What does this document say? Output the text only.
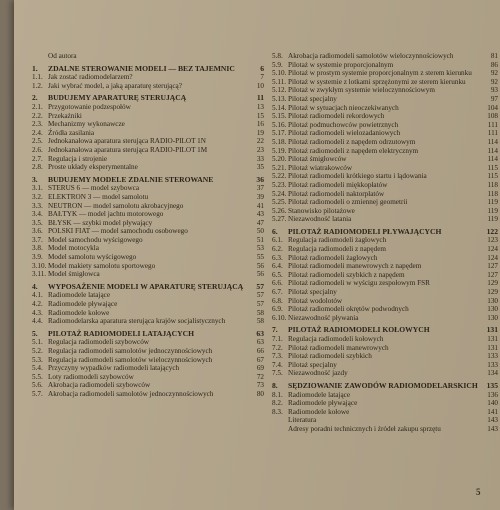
Od autora
1.	ZDALNE STEROWANIE MODELI — BEZ TAJEMNIC	6
1.1. Jak zostać radiomodelarzem?	7
1.2. Jaki wybrać model, a jaką aparaturę sterującą?	10
2.	BUDUJEMY APARATURĘ STERUJĄCĄ	11
2.1. Przygotowanie podzespołów	13
2.2. Przekaźniki	15
2.3. Mechanizmy wykonawcze	16
2.4. Źródła zasilania	19
2.5. Jednokanałowa aparatura sterująca RADIO-PILOT 1N	22
2.6. Jednokanałowa aparatura sterująca RADIO-PILOT 1M	23
2.7. Regulacja i strojenie	33
2.8. Proste układy eksperymentalne	35
3.	BUDUJEMY MODELE ZDALNIE STEROWANE	36
3.1. STERUS 6 — model szybowca	37
3.2. ELEKTRON 3 — model samolotu	39
3.3. NEUTRON — model samolotu akrobacyjnego	41
3.4. BAŁTYK — model jachtu motorowego	43
3.5. BŁYSK — szybki model pływający	47
3.6. POLSKI FIAT — model samochodu osobowego	50
3.7. Model samochodu wyścigowego	51
3.8. Model motocykla	53
3.9. Model samolotu wyścigowego	55
3.10. Model makiety samolotu sportowego	56
3.11. Model śmigłowca	56
4.	WYPOSAŻENIE MODELI W APARATURĘ STERUJĄCĄ	57
4.1. Radiomodele latające	57
4.2. Radiomodele pływające	57
4.3. Radiomodele kołowe	58
4.4. Radiomodelarska aparatura sterująca krajów socjalistycznych	58
5.	PILOTAŻ RADIOMODELI LATAJĄCYCH	63
5.1. Regulacja radiomodeli szybowców	63
5.2. Regulacja radiomodeli samolotów jednoczynnościowych	66
5.3. Regulacja radiomodeli samolotów wieloczynnościowych	67
5.4. Przyczyny wypadków radiomodeli latających	69
5.5. Loty radiomodeli szybowców	72
5.6. Akrobacja radiomodeli szybowców	73
5.7. Akrobacja radiomodeli samolotów jednoczynnościowych	80
5.8. Akrobacja radiomodeli samolotów wieloczynnościowych	81
5.9. Pilotaż w systemie proporcjonalnym	86
5.10. Pilotaż w prostym systemie proporcjonalnym z sterem kierunku	92
5.11. Pilotaż w systemie z lotkami sprzężonymi ze sterem kierunku	92
5.12. Pilotaż w zwykłym systemie wieloczynnościowym	93
5.13. Pilotaż specjalny	97
5.14. Pilotaż w sytuacjach nieoczekiwanych	104
5.15. Pilotaż radiomodeli rekordowych	108
5.16. Pilotaż podmuchowców powietrznych	111
5.17. Pilotaż radiomodeli wielozadaniowych	111
5.18. Pilotaż radiomodeli z napędem odrzutowym	114
5.19. Pilotaż radiomodeli z napędem elektrycznym	114
5.20. Pilotaż śmigłowców	114
5.21. Pilotaż wiatrakowców	115
5.22. Pilotaż radiomodeli krótkiego startu i lądowania	115
5.23. Pilotaż radiomodeli miękkopłatów	118
5.24. Pilotaż radiomodeli naktorpłatów	118
5.25. Pilotaż radiomodeli o zmiennej geometrii	119
5.26. Stanowisko pilotażowe	119
5.27. Niezawodność latania	119
6.	PILOTAŻ RADIOMODELI PŁYWAJĄCYCH	122
6.1. Regulacja radiomodeli żaglowych	123
6.2. Regulacja radiomodeli z napędem	124
6.3. Pilotaż radiomodeli żaglowych	124
6.4. Pilotaż radiomodeli manewrowych z napędem	127
6.5. Pilotaż radiomodeli szybkich z napędem	127
6.6. Pilotaż radiomodeli w wyścigu zespołowym FSR	129
6.7. Pilotaż specjalny	129
6.8. Pilotaż wodolotów	130
6.9. Pilotaż radiomodeli okrętów podwodnych	130
6.10. Niezawodność pływania	130
7.	PILOTAŻ RADIOMODELI KOŁOWYCH	131
7.1. Regulacja radiomodeli kołowych	131
7.2. Pilotaż radiomodeli manewrowych	131
7.3. Pilotaż radiomodeli szybkich	133
7.4. Pilotaż specjalny	133
7.5. Niezawodność jazdy	134
8.	SĘDZIOWANIE ZAWODÓW RADIOMODELARSKICH	135
8.1. Radiomodele latające	136
8.2. Radiomodele pływające	140
8.3. Radiomodele kołowe	141
Literatura	143
Adresy poradni technicznych i źródeł zakupu sprzętu	143
5
